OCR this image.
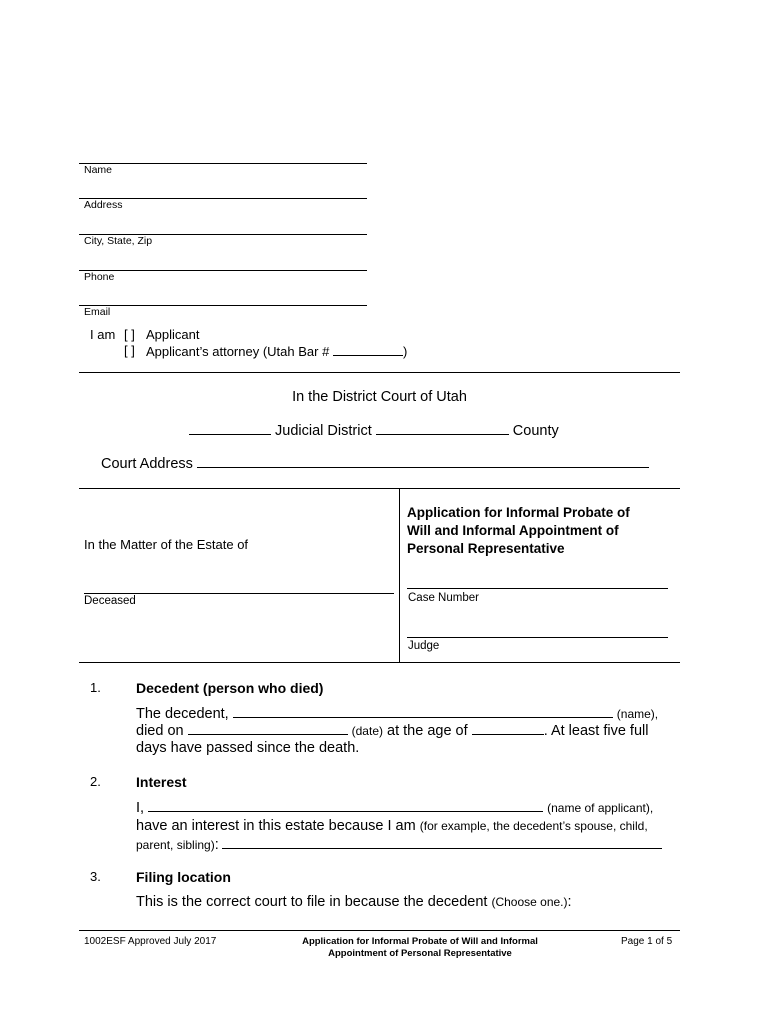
Name
Address
City, State, Zip
Phone
Email
I am [ ] Applicant
[ ] Applicant’s attorney (Utah Bar #	)
In the District Court of Utah
Judicial District	County
Court Address
In the Matter of the Estate of
Deceased
Application for Informal Probate of
Will and Informal Appointment of
Personal Representative
Case Number
Judge
1.	Decedent (person who died)
The decedent,	(name),
died on	(date) at the age of	. At least five full
days have passed since the death.
2.	Interest
I,	(name of applicant),
have an interest in this estate because I am (for example, the decedent’s spouse, child,
parent, sibling):
3.	Filing location
This is the correct court to file in because the decedent (Choose one.):
1002ESF Approved July 2017	Application for Informal Probate of Will and Informal
Appointment of Personal Representative
Page 1 of 5
